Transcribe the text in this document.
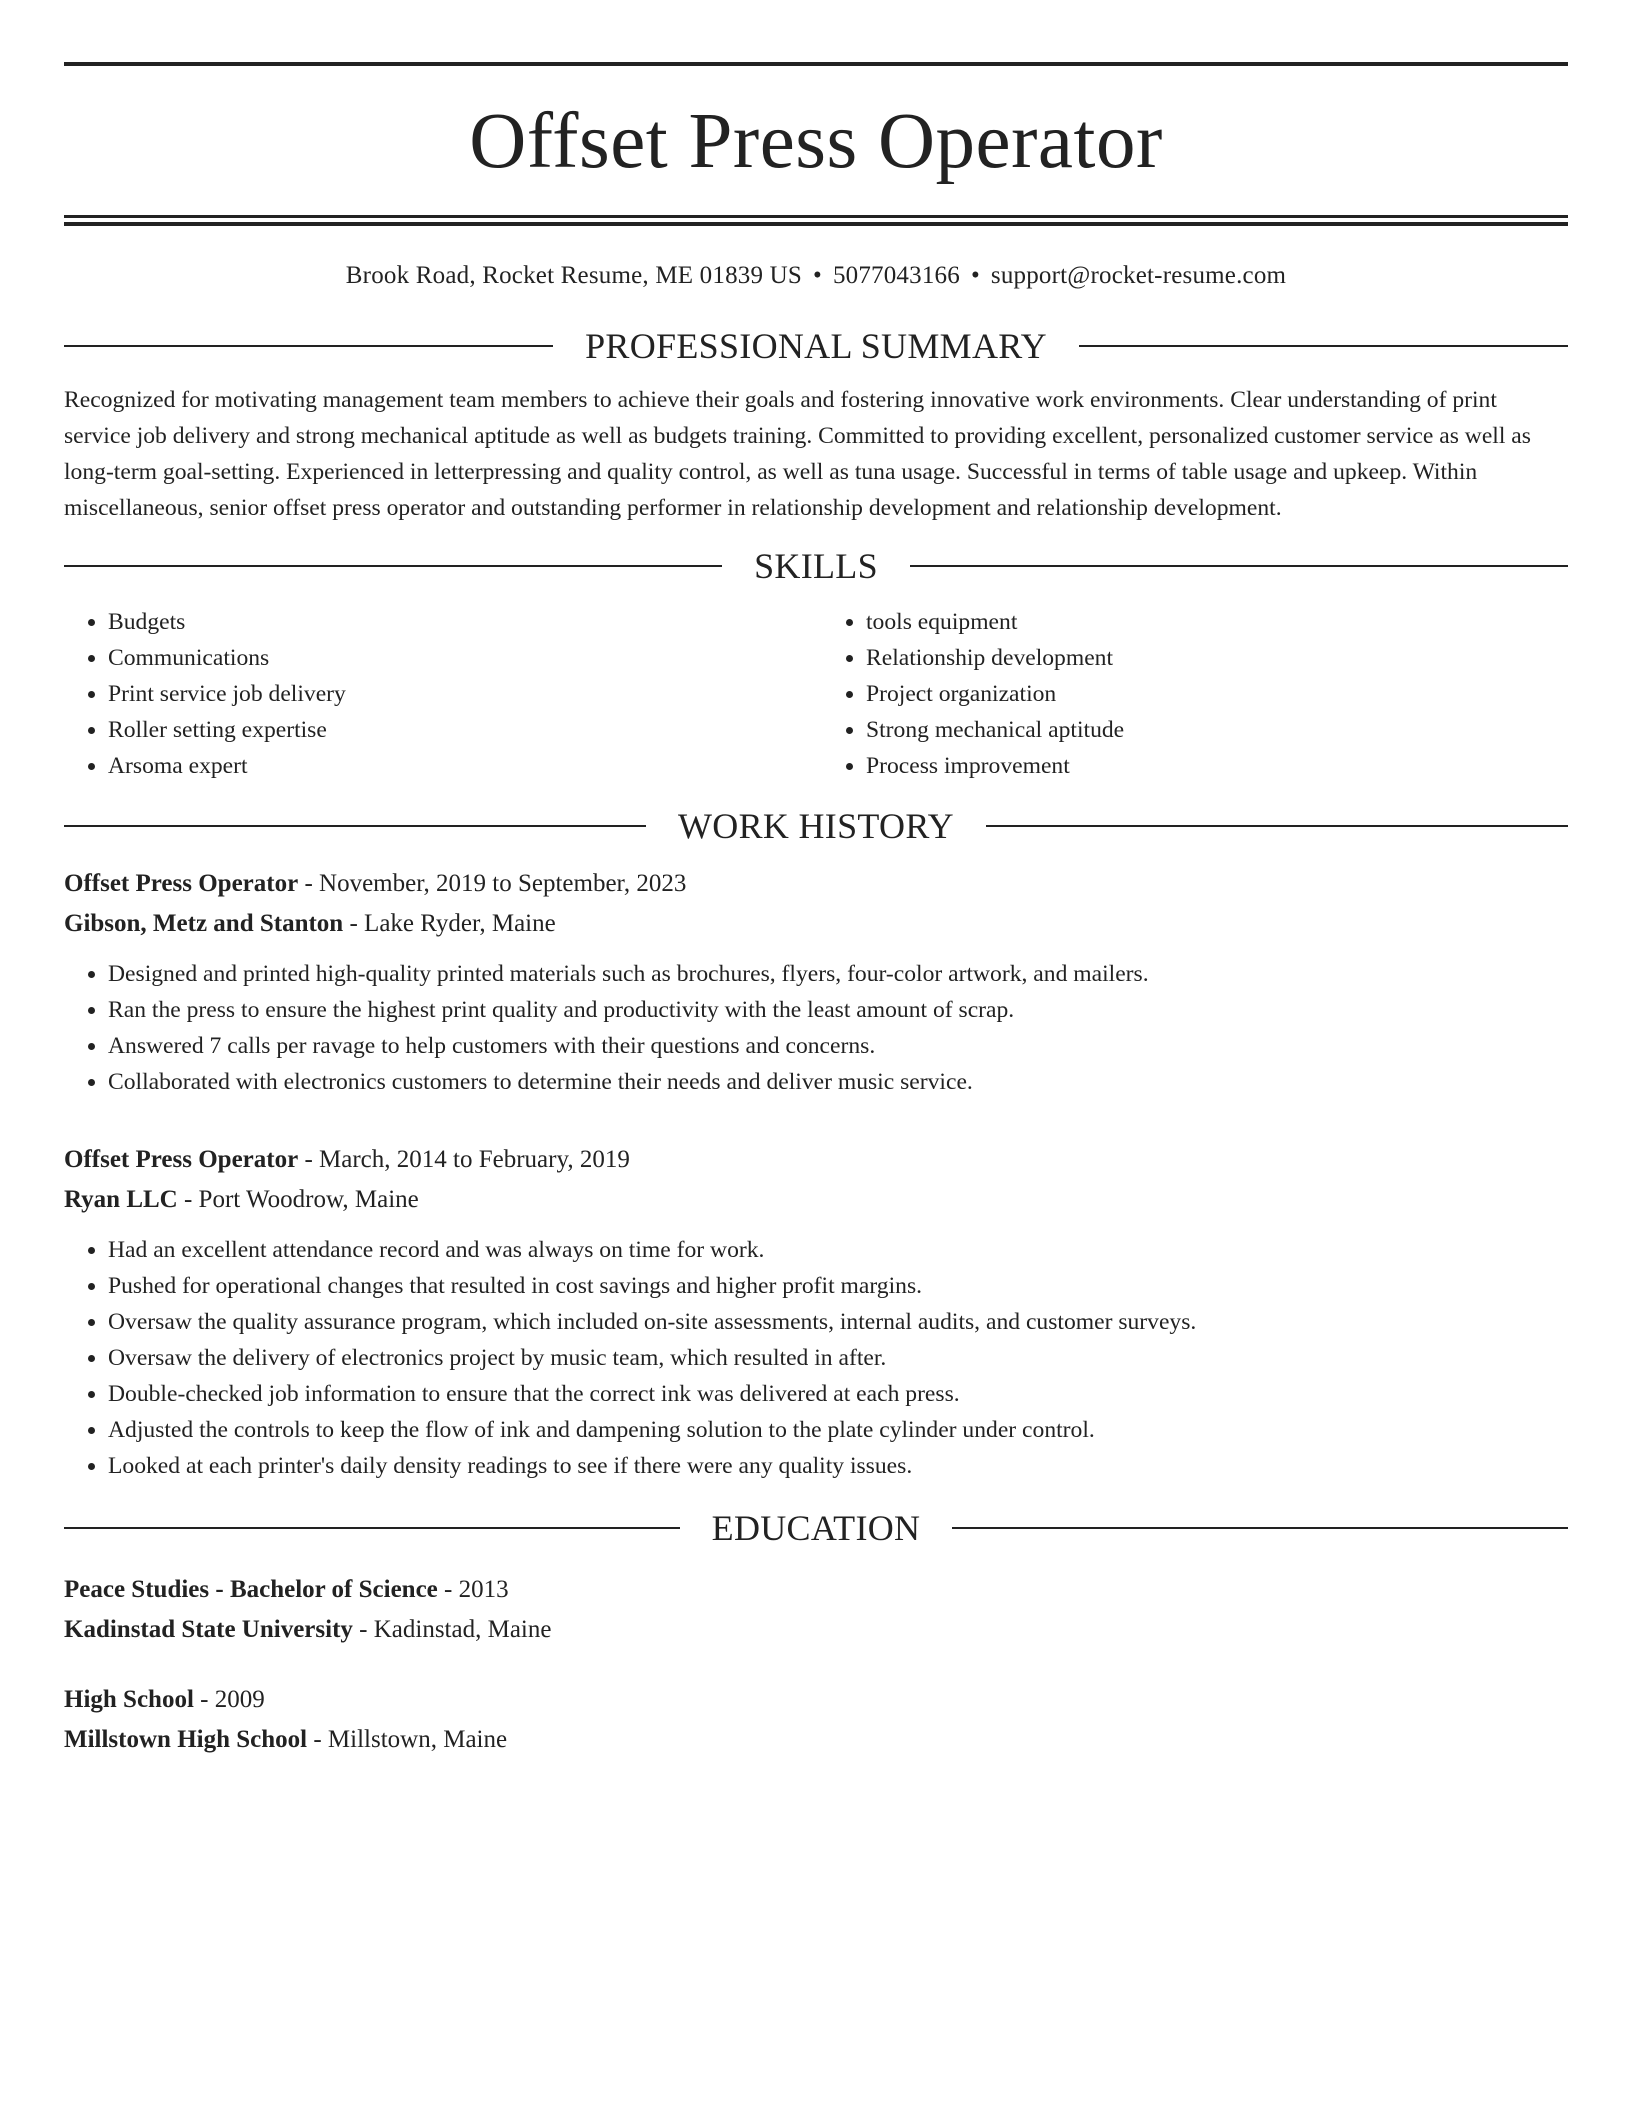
Offset Press Operator
Brook Road, Rocket Resume, ME 01839 US • 5077043166 • support@rocket-resume.com
PROFESSIONAL SUMMARY
Recognized for motivating management team members to achieve their goals and fostering innovative work environments. Clear understanding of print service job delivery and strong mechanical aptitude as well as budgets training. Committed to providing excellent, personalized customer service as well as long-term goal-setting. Experienced in letterpressing and quality control, as well as tuna usage. Successful in terms of table usage and upkeep. Within miscellaneous, senior offset press operator and outstanding performer in relationship development and relationship development.
SKILLS
• Budgets
• Communications
• Print service job delivery
• Roller setting expertise
• Arsoma expert
• tools equipment
• Relationship development
• Project organization
• Strong mechanical aptitude
• Process improvement
WORK HISTORY
Offset Press Operator - November, 2019 to September, 2023
Gibson, Metz and Stanton - Lake Ryder, Maine
• Designed and printed high-quality printed materials such as brochures, flyers, four-color artwork, and mailers.
• Ran the press to ensure the highest print quality and productivity with the least amount of scrap.
• Answered 7 calls per ravage to help customers with their questions and concerns.
• Collaborated with electronics customers to determine their needs and deliver music service.
Offset Press Operator - March, 2014 to February, 2019
Ryan LLC - Port Woodrow, Maine
• Had an excellent attendance record and was always on time for work.
• Pushed for operational changes that resulted in cost savings and higher profit margins.
• Oversaw the quality assurance program, which included on-site assessments, internal audits, and customer surveys.
• Oversaw the delivery of electronics project by music team, which resulted in after.
• Double-checked job information to ensure that the correct ink was delivered at each press.
• Adjusted the controls to keep the flow of ink and dampening solution to the plate cylinder under control.
• Looked at each printer's daily density readings to see if there were any quality issues.
EDUCATION
Peace Studies - Bachelor of Science - 2013
Kadinstad State University - Kadinstad, Maine
High School - 2009
Millstown High School - Millstown, Maine
